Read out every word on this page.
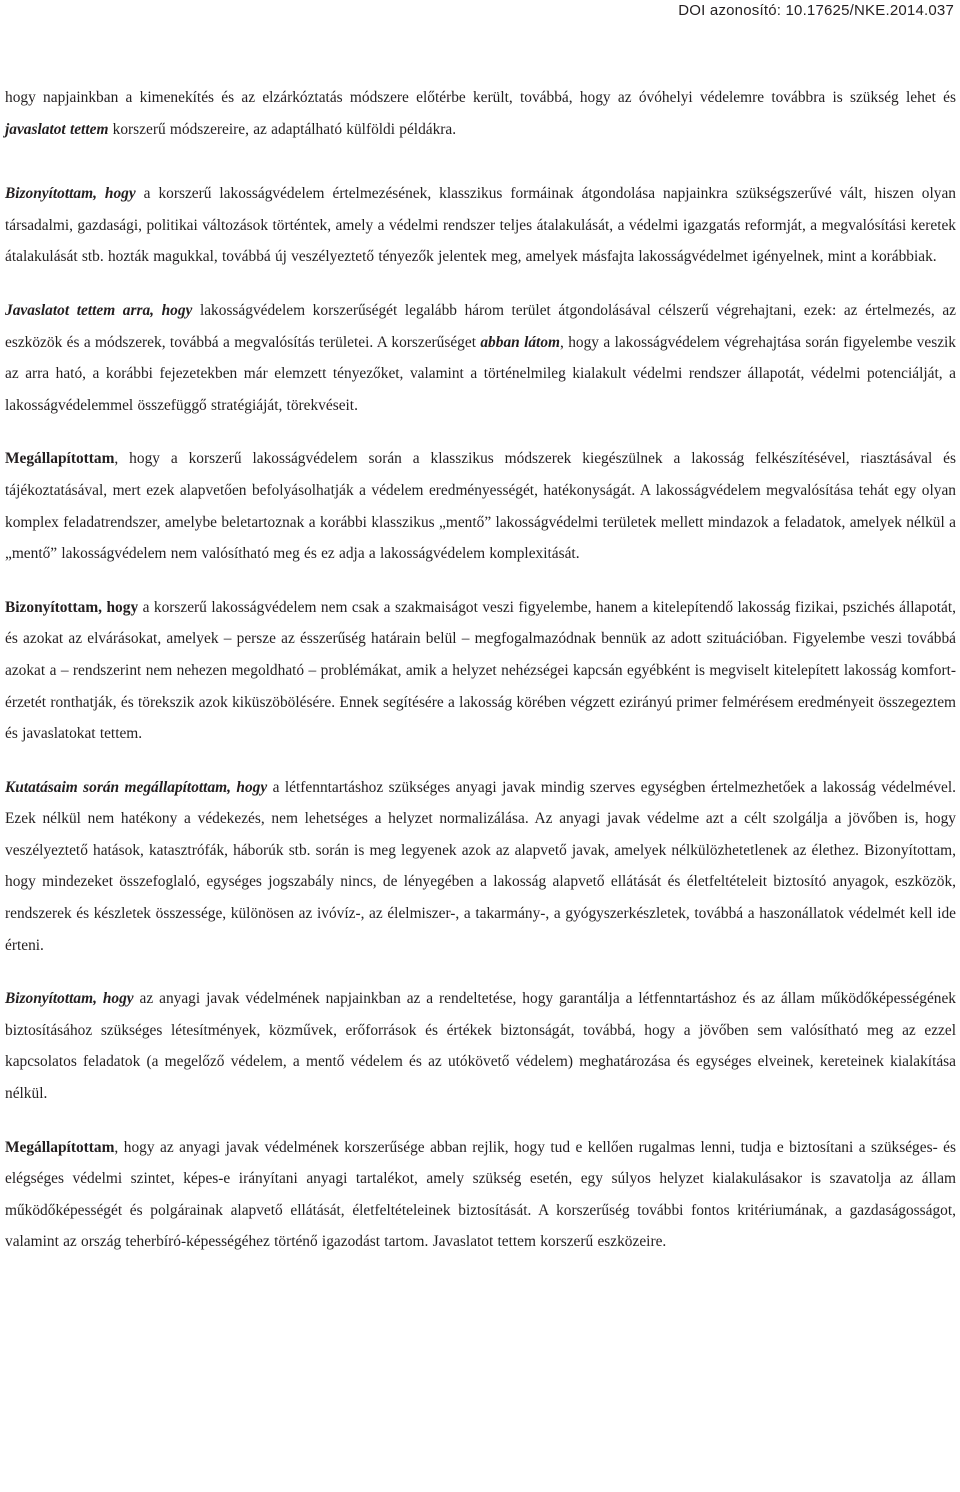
DOI azonosító: 10.17625/NKE.2014.037

hogy napjainkban a kimenekítés és az elzárkóztatás módszere előtérbe került, továbbá, hogy az óvóhelyi védelemre továbbra is szükség lehet és javaslatot tettem korszerű módszereire, az adaptálható külföldi példákra.

Bizonyítottam, hogy a korszerű lakosságvédelem értelmezésének, klasszikus formáinak átgondolása napjainkra szükségszerűvé vált, hiszen olyan társadalmi, gazdasági, politikai változások történtek, amely a védelmi rendszer teljes átalakulását, a védelmi igazgatás reformját, a megvalósítási keretek átalakulását stb. hozták magukkal, továbbá új veszélyeztető tényezők jelentek meg, amelyek másfajta lakosságvédelmet igényelnek, mint a korábbiak.

Javaslatot tettem arra, hogy lakosságvédelem korszerűségét legalább három terület átgondolásával célszerű végrehajtani, ezek: az értelmezés, az eszközök és a módszerek, továbbá a megvalósítás területei. A korszerűséget abban látom, hogy a lakosságvédelem végrehajtása során figyelembe veszik az arra ható, a korábbi fejezetekben már elemzett tényezőket, valamint a történelmileg kialakult védelmi rendszer állapotát, védelmi potenciálját, a lakosságvédelemmel összefüggő stratégiáját, törekvéseit.

Megállapítottam, hogy a korszerű lakosságvédelem során a klasszikus módszerek kiegészülnek a lakosság felkészítésével, riasztásával és tájékoztatásával, mert ezek alapvetően befolyásolhatják a védelem eredményességét, hatékonyságát. A lakosságvédelem megvalósítása tehát egy olyan komplex feladatrendszer, amelybe beletartoznak a korábbi klasszikus „mentő” lakosságvédelmi területek mellett mindazok a feladatok, amelyek nélkül a „mentő” lakosságvédelem nem valósítható meg és ez adja a lakosságvédelem komplexitását.

Bizonyítottam, hogy a korszerű lakosságvédelem nem csak a szakmaiságot veszi figyelembe, hanem a kitelepítendő lakosság fizikai, pszichés állapotát, és azokat az elvárásokat, amelyek – persze az ésszerűség határain belül – megfogalmazódnak bennük az adott szituációban. Figyelembe veszi továbbá azokat a – rendszerint nem nehezen megoldható – problémákat, amik a helyzet nehézségei kapcsán egyébként is megviselt kitelepített lakosság komfort-érzetét ronthatják, és törekszik azok kiküszöbölésére. Ennek segítésére a lakosság körében végzett ezirányú primer felmérésem eredményeit összegeztem és javaslatokat tettem.

Kutatásaim során megállapítottam, hogy a létfenntartáshoz szükséges anyagi javak mindig szerves egységben értelmezhetőek a lakosság védelmével. Ezek nélkül nem hatékony a védekezés, nem lehetséges a helyzet normalizálása. Az anyagi javak védelme azt a célt szolgálja a jövőben is, hogy veszélyeztető hatások, katasztrófák, háborúk stb. során is meg legyenek azok az alapvető javak, amelyek nélkülözhetetlenek az élethez. Bizonyítottam, hogy mindezeket összefoglaló, egységes jogszabály nincs, de lényegében a lakosság alapvető ellátását és életfeltételeit biztosító anyagok, eszközök, rendszerek és készletek összessége, különösen az ivóvíz-, az élelmiszer-, a takarmány-, a gyógyszerkészletek, továbbá a haszonállatok védelmét kell ide érteni.

Bizonyítottam, hogy az anyagi javak védelmének napjainkban az a rendeltetése, hogy garantálja a létfenntartáshoz és az állam működőképességének biztosításához szükséges létesítmények, közművek, erőforrások és értékek biztonságát, továbbá, hogy a jövőben sem valósítható meg az ezzel kapcsolatos feladatok (a megelőző védelem, a mentő védelem és az utókövető védelem) meghatározása és egységes elveinek, kereteinek kialakítása nélkül.

Megállapítottam, hogy az anyagi javak védelmének korszerűsége abban rejlik, hogy tud e kellően rugalmas lenni, tudja e biztosítani a szükséges- és elégséges védelmi szintet, képes-e irányítani anyagi tartalékot, amely szükség esetén, egy súlyos helyzet kialakulásakor is szavatolja az állam működőképességét és polgárainak alapvető ellátását, életfeltételeinek biztosítását. A korszerűség további fontos kritériumának, a gazdaságosságot, valamint az ország teherbíró-képességéhez történő igazodást tartom. Javaslatot tettem korszerű eszközeire.
